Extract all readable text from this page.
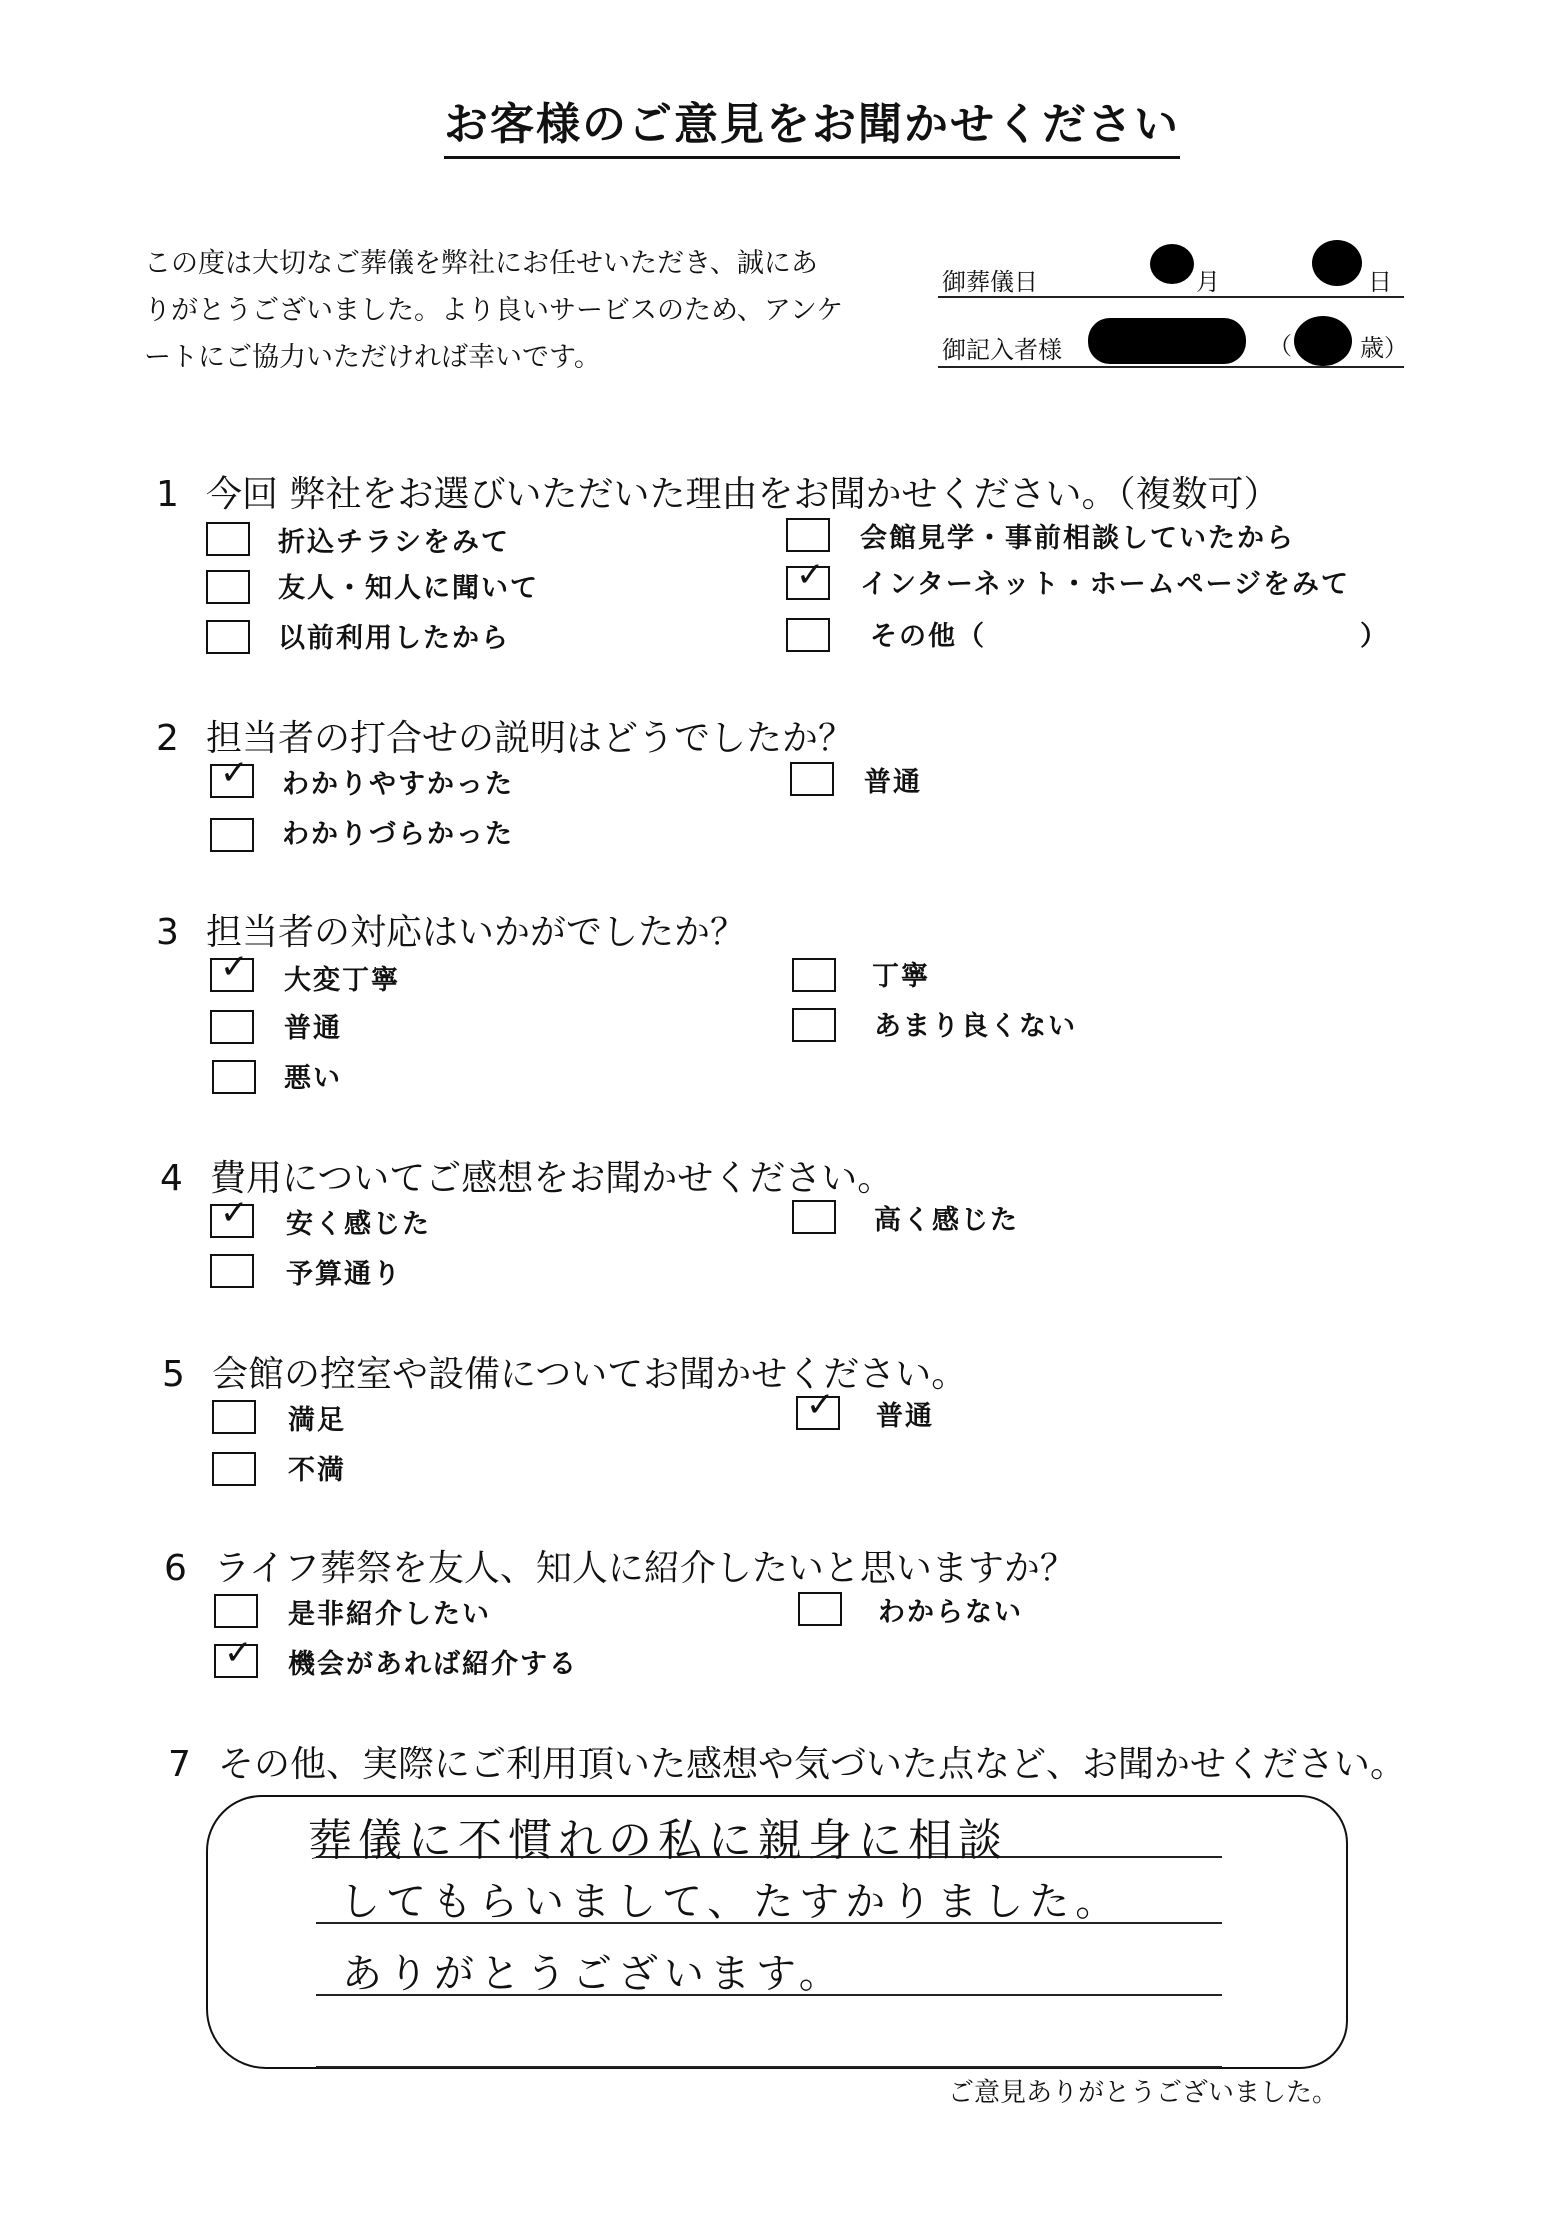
お客様のご意見をお聞かせください
この度は大切なご葬儀を弊社にお任せいただき、誠にありがとうございました。より良いサービスのため、アンケートにご協力いただければ幸いです。
御葬儀日	月	日
御記入者様	（	歳）
1 今回 弊社をお選びいただいた理由をお聞かせください。（複数可）
折込チラシをみて	会館見学・事前相談していたから
友人・知人に聞いて	✓ インターネット・ホームページをみて
以前利用したから	その他（	）
2 担当者の打合せの説明はどうでしたか？
✓ わかりやすかった	普通
わかりづらかった
3 担当者の対応はいかがでしたか？
✓ 大変丁寧	丁寧
普通	あまり良くない
悪い
4 費用についてご感想をお聞かせください。
✓ 安く感じた	高く感じた
予算通り
5 会館の控室や設備についてお聞かせください。
満足	✓ 普通
不満
6 ライフ葬祭を友人、知人に紹介したいと思いますか？
是非紹介したい	わからない
✓ 機会があれば紹介する
7 その他、実際にご利用頂いた感想や気づいた点など、お聞かせください。
葬儀に不慣れの私に親身に相談
してもらいまして、たすかりました。
ありがとうございます。
ご意見ありがとうございました。
